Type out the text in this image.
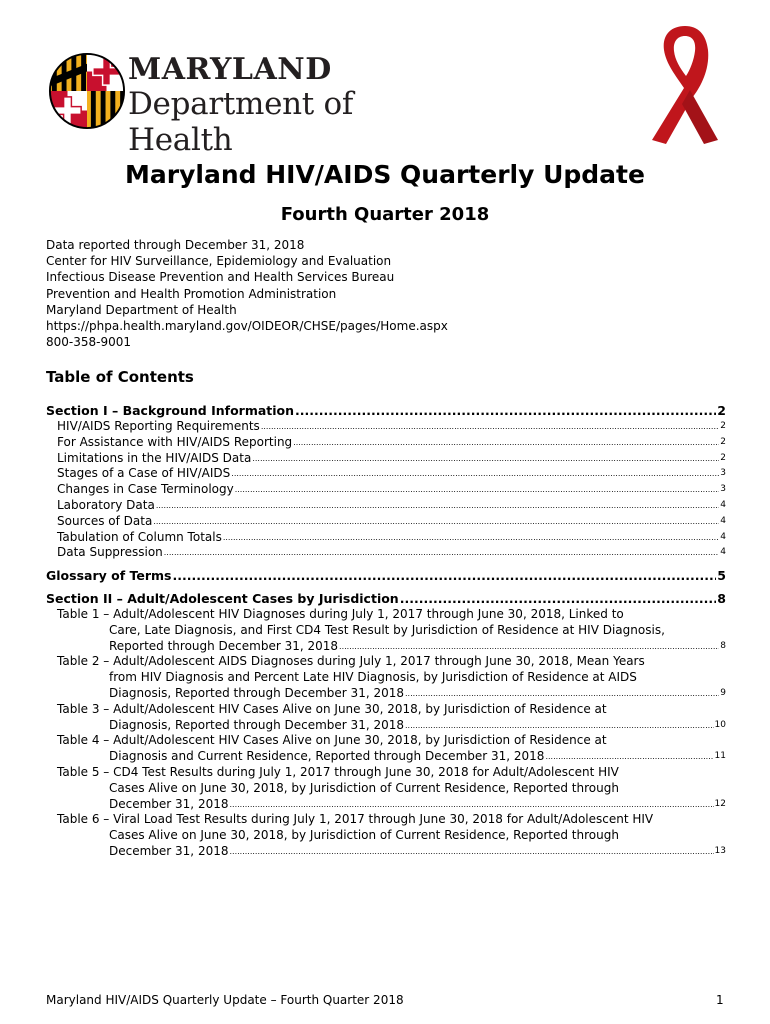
MARYLAND
Department of Health
Maryland HIV/AIDS Quarterly Update
Fourth Quarter 2018
Data reported through December 31, 2018
Center for HIV Surveillance, Epidemiology and Evaluation
Infectious Disease Prevention and Health Services Bureau
Prevention and Health Promotion Administration
Maryland Department of Health
https://phpa.health.maryland.gov/OIDEOR/CHSE/pages/Home.aspx
800-358-9001
Table of Contents
Section I – Background Information .....	2
HIV/AIDS Reporting Requirements .....	2
For Assistance with HIV/AIDS Reporting .....	2
Limitations in the HIV/AIDS Data .....	2
Stages of a Case of HIV/AIDS .....	3
Changes in Case Terminology .....	3
Laboratory Data .....	4
Sources of Data .....	4
Tabulation of Column Totals .....	4
Data Suppression .....	4
Glossary of Terms .....	5
Section II – Adult/Adolescent Cases by Jurisdiction .....	8
Table 1 – Adult/Adolescent HIV Diagnoses during July 1, 2017 through June 30, 2018, Linked to
Care, Late Diagnosis, and First CD4 Test Result by Jurisdiction of Residence at HIV Diagnosis,
Reported through December 31, 2018 .....	8
Table 2 – Adult/Adolescent AIDS Diagnoses during July 1, 2017 through June 30, 2018, Mean Years
from HIV Diagnosis and Percent Late HIV Diagnosis, by Jurisdiction of Residence at AIDS
Diagnosis, Reported through December 31, 2018 .....	9
Table 3 – Adult/Adolescent HIV Cases Alive on June 30, 2018, by Jurisdiction of Residence at
Diagnosis, Reported through December 31, 2018 .....	10
Table 4 – Adult/Adolescent HIV Cases Alive on June 30, 2018, by Jurisdiction of Residence at
Diagnosis and Current Residence, Reported through December 31, 2018 .....	11
Table 5 – CD4 Test Results during July 1, 2017 through June 30, 2018 for Adult/Adolescent HIV
Cases Alive on June 30, 2018, by Jurisdiction of Current Residence, Reported through
December 31, 2018 .....	12
Table 6 – Viral Load Test Results during July 1, 2017 through June 30, 2018 for Adult/Adolescent HIV
Cases Alive on June 30, 2018, by Jurisdiction of Current Residence, Reported through
December 31, 2018 .....	13
Maryland HIV/AIDS Quarterly Update – Fourth Quarter 2018	1
